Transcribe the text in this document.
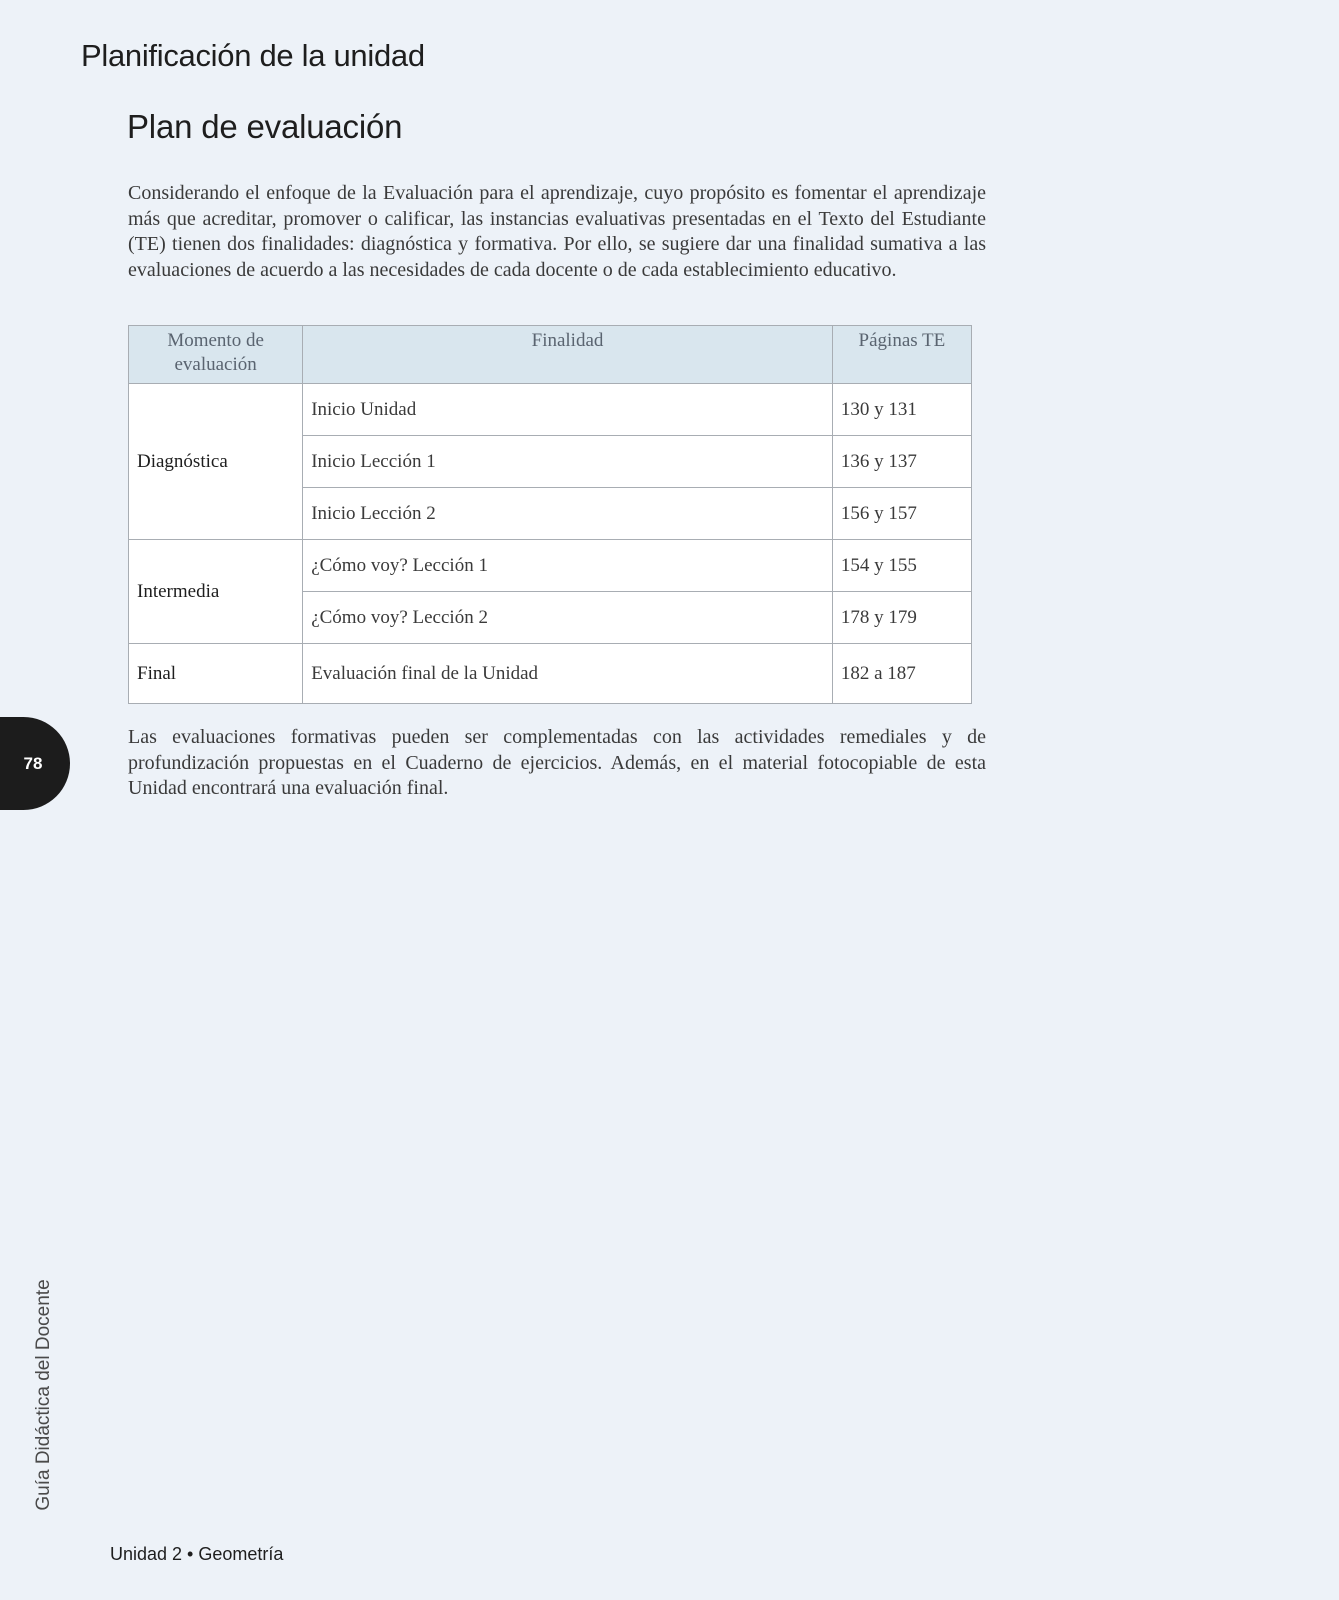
Planificación de la unidad
Plan de evaluación

Considerando el enfoque de la Evaluación para el aprendizaje, cuyo propósito es fomentar el aprendizaje más que acreditar, promover o calificar, las instancias evaluativas presentadas en el Texto del Estudiante (TE) tienen dos finalidades: diagnóstica y formativa. Por ello, se sugiere dar una finalidad sumativa a las evaluaciones de acuerdo a las necesidades de cada docente o de cada establecimiento educativo.

Momento de evaluación	Finalidad	Páginas TE
Diagnóstica	Inicio Unidad	130 y 131
	Inicio Lección 1	136 y 137
	Inicio Lección 2	156 y 157
Intermedia	¿Cómo voy? Lección 1	154 y 155
	¿Cómo voy? Lección 2	178 y 179
Final	Evaluación final de la Unidad	182 a 187

Las evaluaciones formativas pueden ser complementadas con las actividades remediales y de profundización propuestas en el Cuaderno de ejercicios. Además, en el material fotocopiable de esta Unidad encontrará una evaluación final.

78
Guía Didáctica del Docente
Unidad 2 • Geometría
